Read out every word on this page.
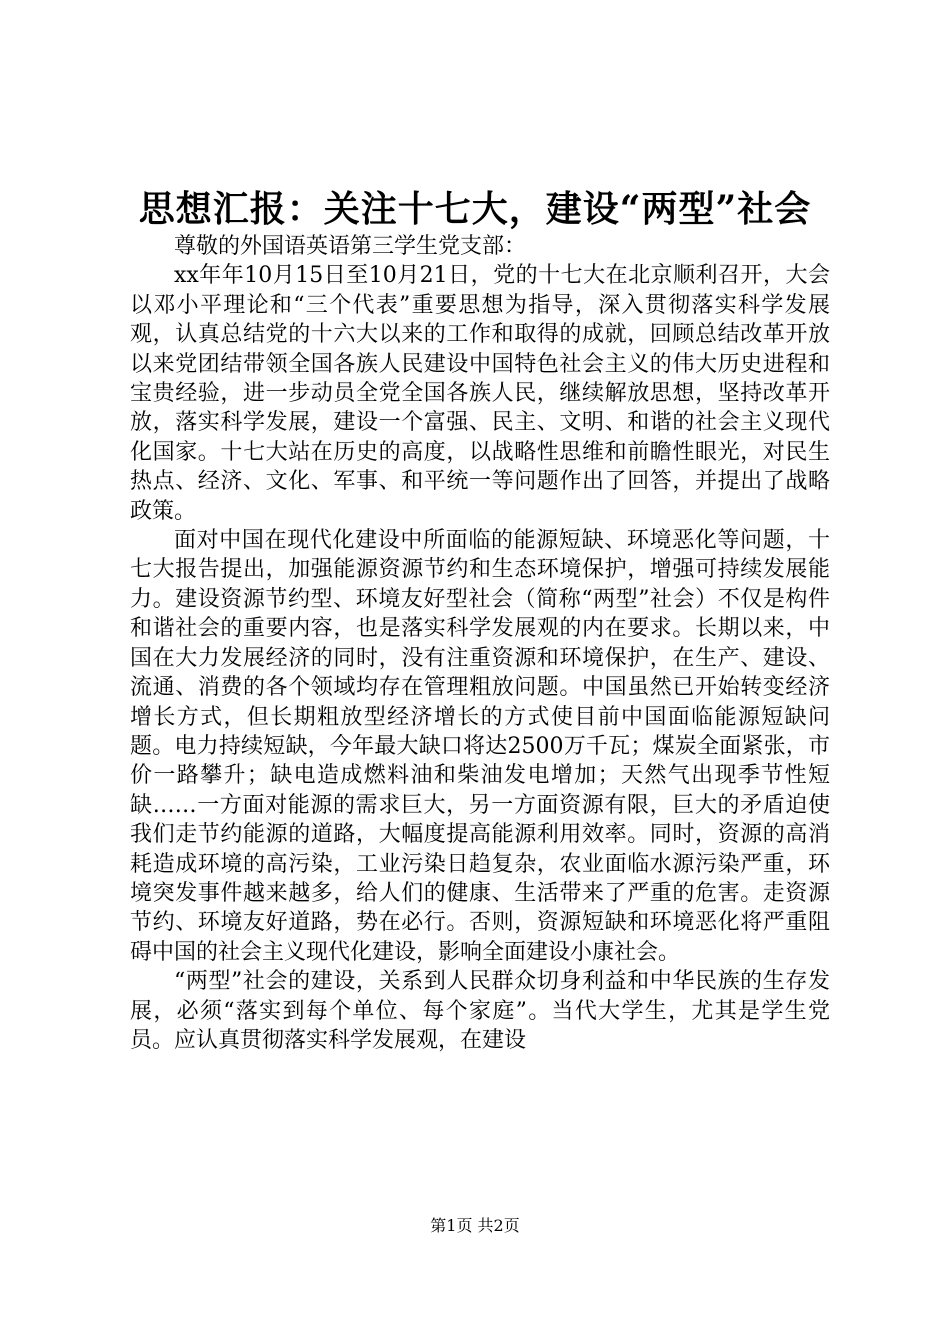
思想汇报：关注十七大，建设“两型”社会

尊敬的外国语英语第三学生党支部：

xx年年10月15日至10月21日，党的十七大在北京顺利召开，大会以邓小平理论和“三个代表”重要思想为指导，深入贯彻落实科学发展观，认真总结党的十六大以来的工作和取得的成就，回顾总结改革开放以来党团结带领全国各族人民建设中国特色社会主义的伟大历史进程和宝贵经验，进一步动员全党全国各族人民，继续解放思想，坚持改革开放，落实科学发展，建设一个富强、民主、文明、和谐的社会主义现代化国家。十七大站在历史的高度，以战略性思维和前瞻性眼光，对民生热点、经济、文化、军事、和平统一等问题作出了回答，并提出了战略政策。

面对中国在现代化建设中所面临的能源短缺、环境恶化等问题，十七大报告提出，加强能源资源节约和生态环境保护，增强可持续发展能力。建设资源节约型、环境友好型社会（简称“两型”社会）不仅是构件和谐社会的重要内容，也是落实科学发展观的内在要求。长期以来，中国在大力发展经济的同时，没有注重资源和环境保护，在生产、建设、流通、消费的各个领域均存在管理粗放问题。中国虽然已开始转变经济增长方式，但长期粗放型经济增长的方式使目前中国面临能源短缺问题。电力持续短缺，今年最大缺口将达2500万千瓦；煤炭全面紧张，市价一路攀升；缺电造成燃料油和柴油发电增加；天然气出现季节性短缺……一方面对能源的需求巨大，另一方面资源有限，巨大的矛盾迫使我们走节约能源的道路，大幅度提高能源利用效率。同时，资源的高消耗造成环境的高污染，工业污染日趋复杂，农业面临水源污染严重，环境突发事件越来越多，给人们的健康、生活带来了严重的危害。走资源节约、环境友好道路，势在必行。否则，资源短缺和环境恶化将严重阻碍中国的社会主义现代化建设，影响全面建设小康社会。

“两型”社会的建设，关系到人民群众切身利益和中华民族的生存发展，必须“落实到每个单位、每个家庭”。当代大学生，尤其是学生党员。应认真贯彻落实科学发展观，在建设

第1页 共2页
